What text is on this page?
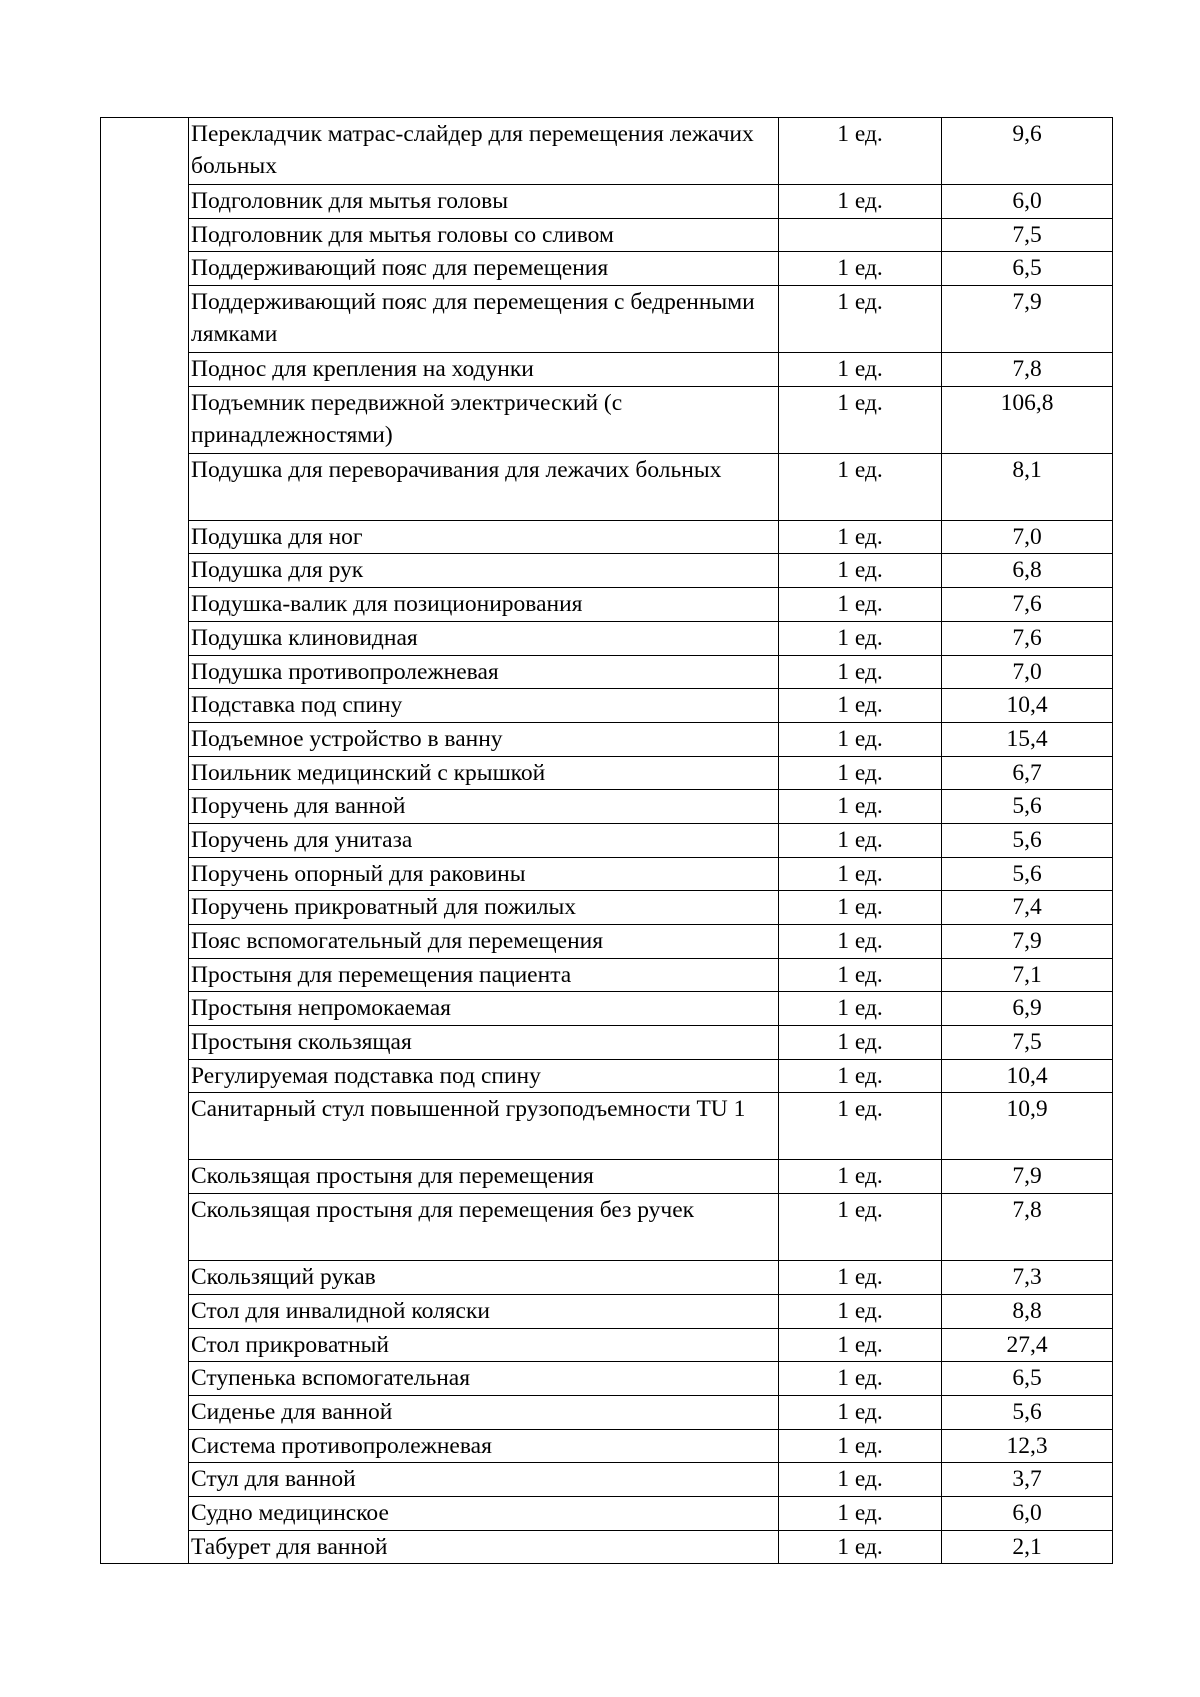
	Перекладчик матрас-слайдер для перемещения лежачих больных	1 ед.	9,6
	Подголовник для мытья головы	1 ед.	6,0
	Подголовник для мытья головы со сливом		7,5
	Поддерживающий пояс для перемещения	1 ед.	6,5
	Поддерживающий пояс для перемещения с бедренными лямками	1 ед.	7,9
	Поднос для крепления на ходунки	1 ед.	7,8
	Подъемник передвижной электрический (с принадлежностями)	1 ед.	106,8
	Подушка для переворачивания для лежачих больных	1 ед.	8,1
	Подушка для ног	1 ед.	7,0
	Подушка для рук	1 ед.	6,8
	Подушка-валик для позиционирования	1 ед.	7,6
	Подушка клиновидная	1 ед.	7,6
	Подушка противопролежневая	1 ед.	7,0
	Подставка под спину	1 ед.	10,4
	Подъемное устройство в ванну	1 ед.	15,4
	Поильник медицинский с крышкой	1 ед.	6,7
	Поручень для ванной	1 ед.	5,6
	Поручень для унитаза	1 ед.	5,6
	Поручень опорный для раковины	1 ед.	5,6
	Поручень прикроватный для пожилых	1 ед.	7,4
	Пояс вспомогательный для перемещения	1 ед.	7,9
	Простыня для перемещения пациента	1 ед.	7,1
	Простыня непромокаемая	1 ед.	6,9
	Простыня скользящая	1 ед.	7,5
	Регулируемая подставка под спину	1 ед.	10,4
	Санитарный стул повышенной грузоподъемности TU 1	1 ед.	10,9
	Скользящая простыня для перемещения	1 ед.	7,9
	Скользящая простыня для перемещения без ручек	1 ед.	7,8
	Скользящий рукав	1 ед.	7,3
	Стол для инвалидной коляски	1 ед.	8,8
	Стол прикроватный	1 ед.	27,4
	Ступенька вспомогательная	1 ед.	6,5
	Сиденье для ванной	1 ед.	5,6
	Система противопролежневая	1 ед.	12,3
	Стул для ванной	1 ед.	3,7
	Судно медицинское	1 ед.	6,0
	Табурет для ванной	1 ед.	2,1
